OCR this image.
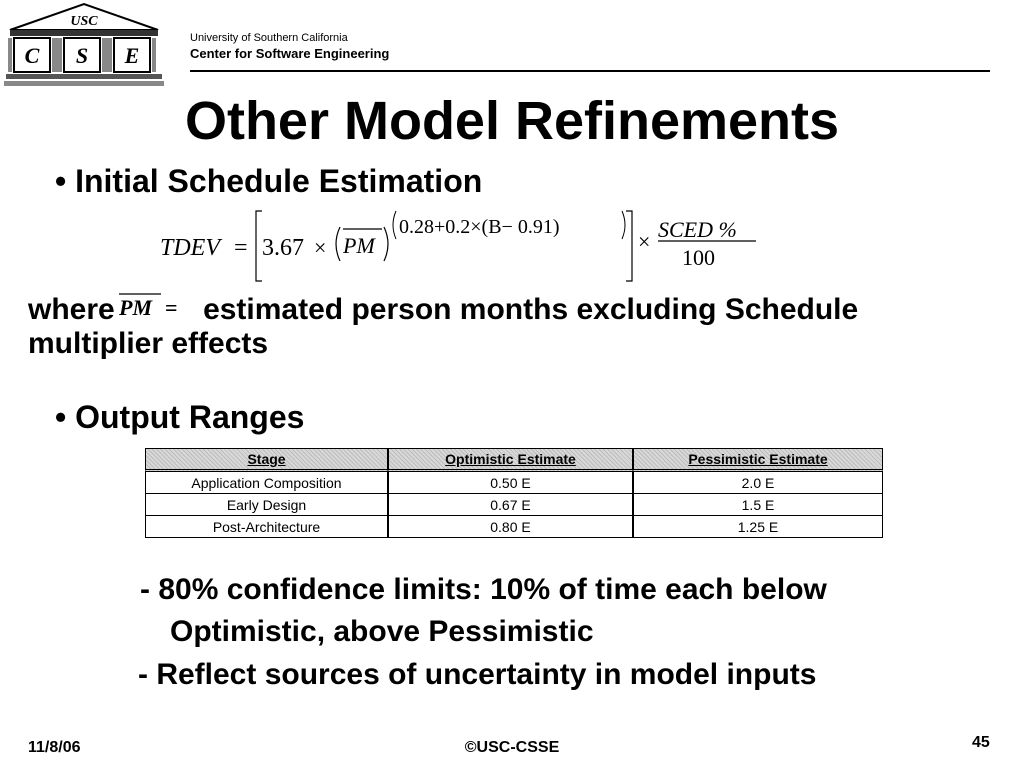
USC
C S E
University of Southern California
Center for Software Engineering
Other Model Refinements
• Initial Schedule Estimation
TDEV = 3.67 × PM
0.28+0.2×(B− 0.91)
× SCED %
100
where PM = estimated person months excluding Schedule multiplier effects
• Output Ranges
Stage	Optimistic Estimate	Pessimistic Estimate
Application Composition	0.50 E	2.0 E
Early Design	0.67 E	1.5 E
Post-Architecture	0.80 E	1.25 E
- 80% confidence limits: 10% of time each below
Optimistic, above Pessimistic
- Reflect sources of uncertainty in model inputs
11/8/06	©USC-CSSE	45
